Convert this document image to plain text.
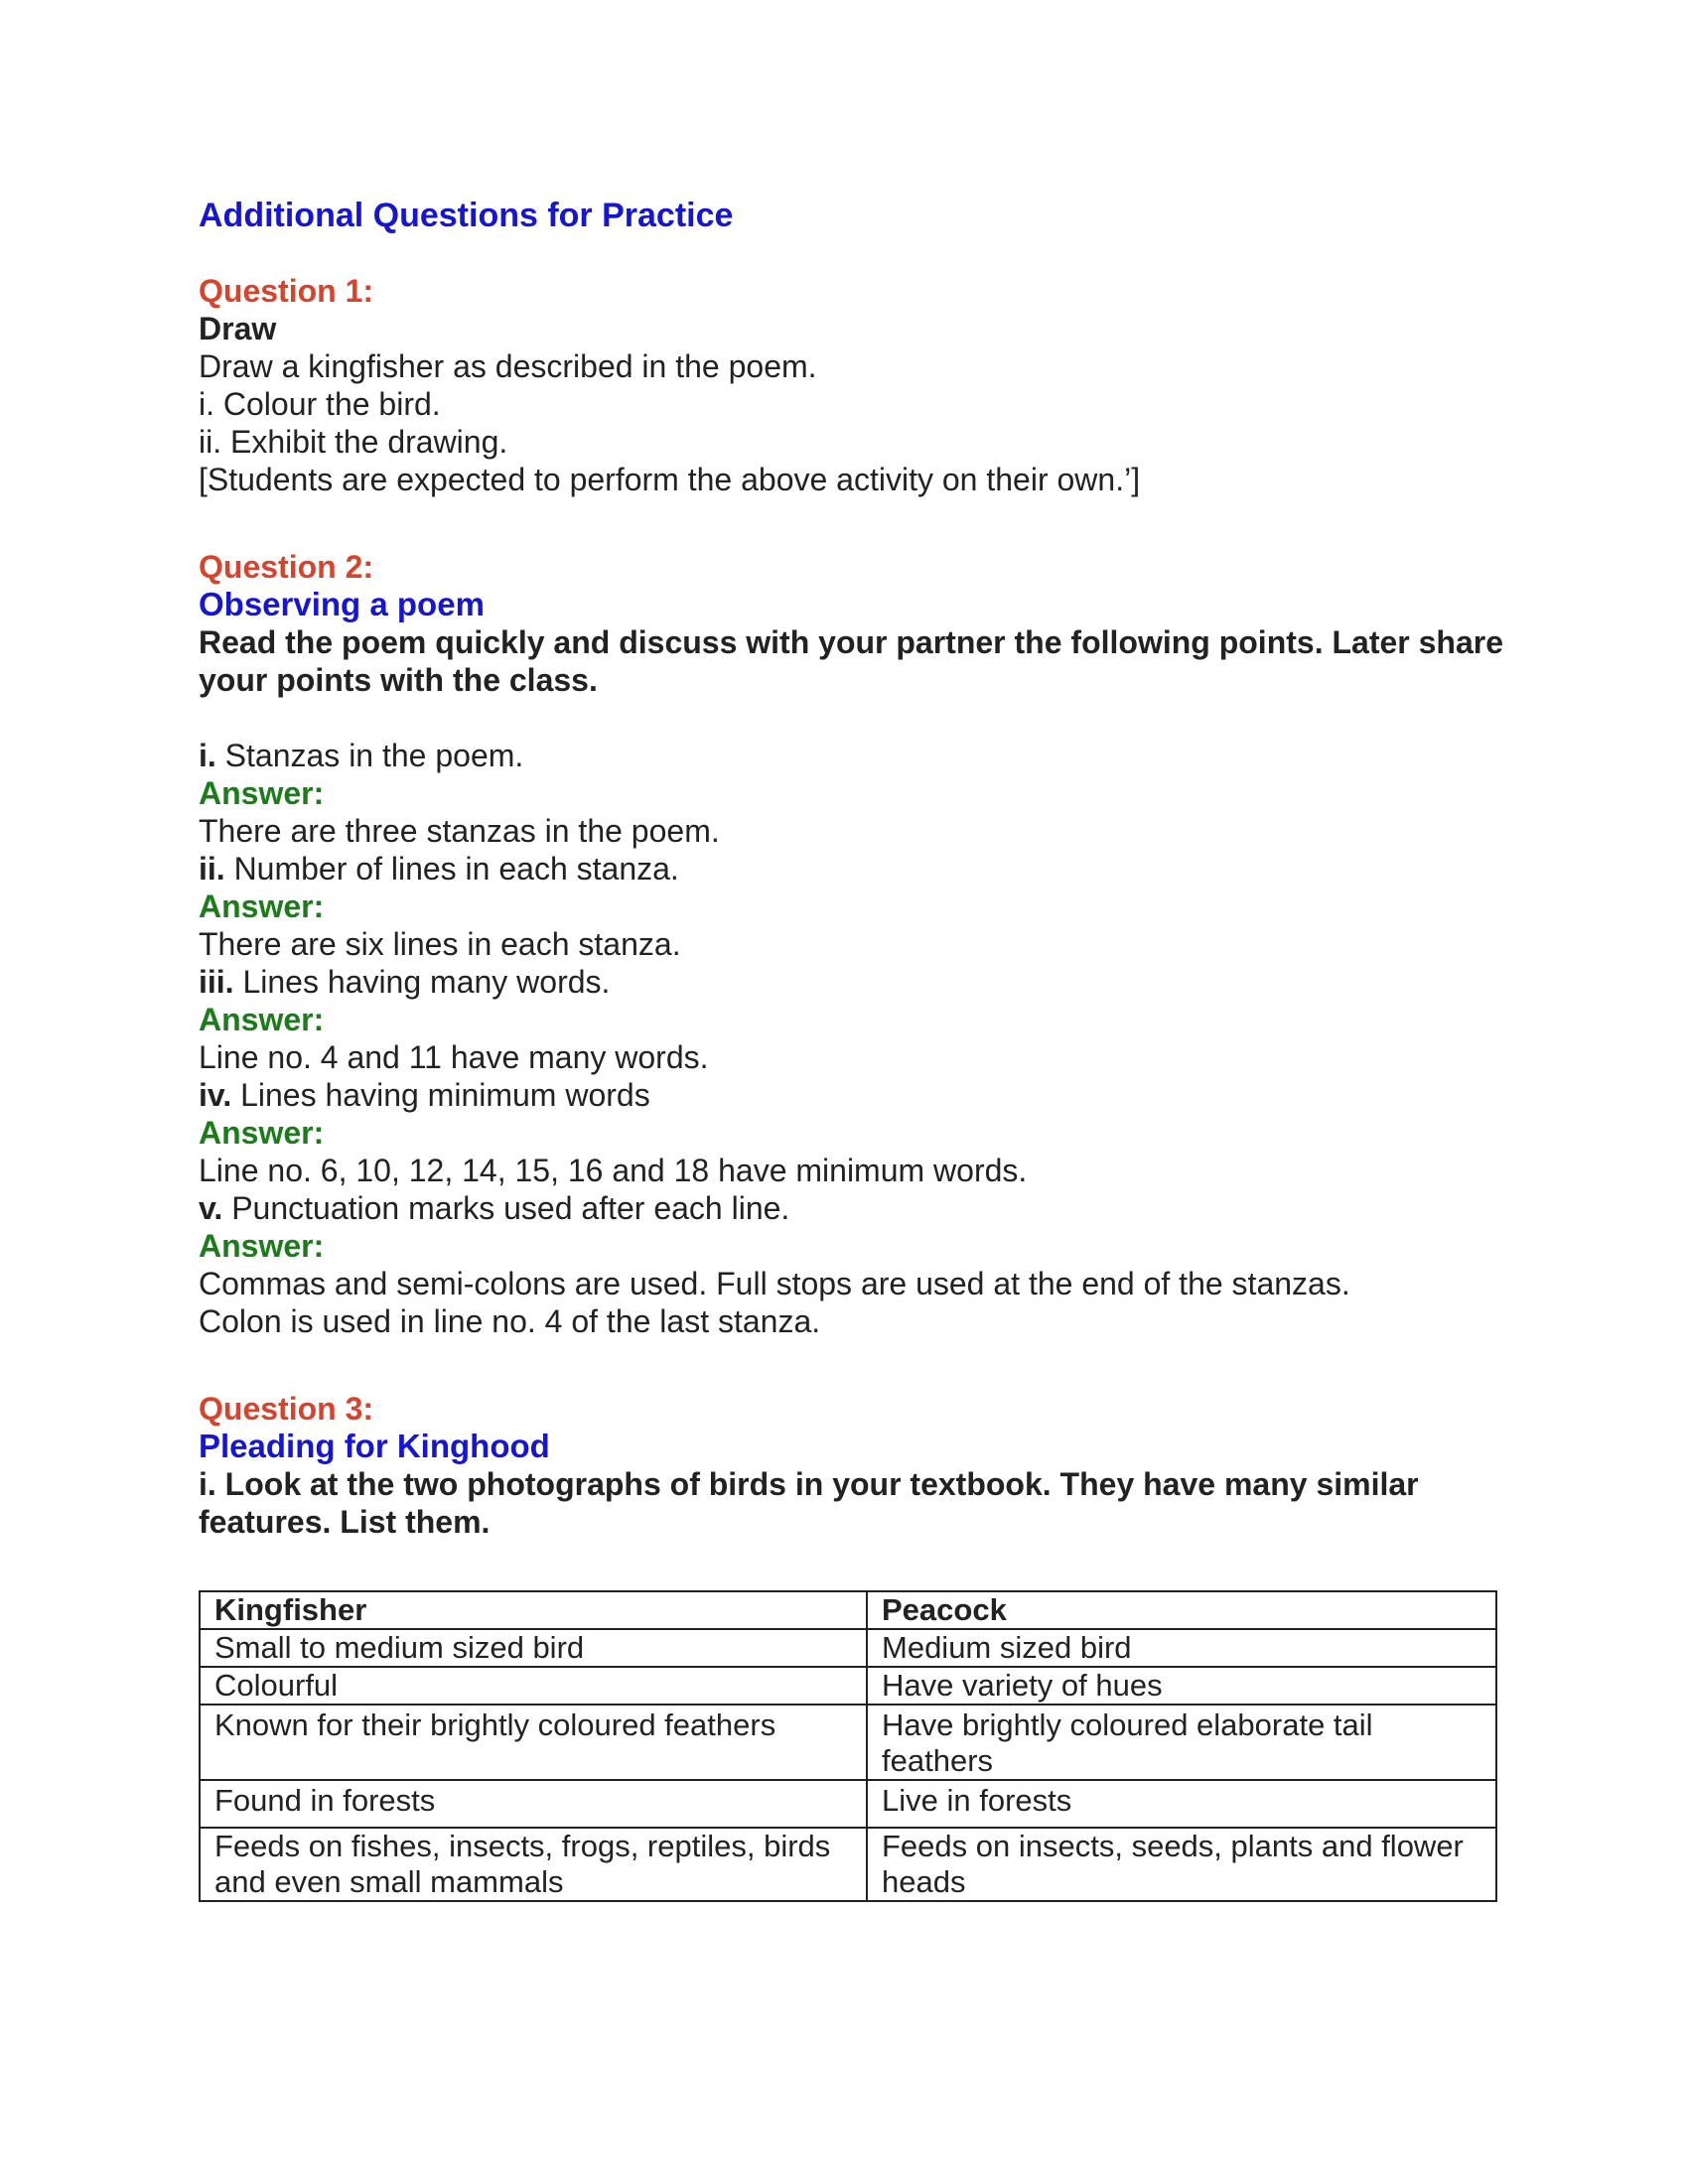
Additional Questions for Practice
Question 1:
Draw
Draw a kingfisher as described in the poem.
i. Colour the bird.
ii. Exhibit the drawing.
[Students are expected to perform the above activity on their own.’]
Question 2:
Observing a poem
Read the poem quickly and discuss with your partner the following points. Later share your points with the class.
i. Stanzas in the poem.
Answer:
There are three stanzas in the poem.
ii. Number of lines in each stanza.
Answer:
There are six lines in each stanza.
iii. Lines having many words.
Answer:
Line no. 4 and 11 have many words.
iv. Lines having minimum words
Answer:
Line no. 6, 10, 12, 14, 15, 16 and 18 have minimum words.
v. Punctuation marks used after each line.
Answer:
Commas and semi-colons are used. Full stops are used at the end of the stanzas.
Colon is used in line no. 4 of the last stanza.
Question 3:
Pleading for Kinghood
i. Look at the two photographs of birds in your textbook. They have many similar features. List them.
Kingfisher	Peacock
Small to medium sized bird	Medium sized bird
Colourful	Have variety of hues
Known for their brightly coloured feathers	Have brightly coloured elaborate tail feathers
Found in forests	Live in forests
Feeds on fishes, insects, frogs, reptiles, birds and even small mammals	Feeds on insects, seeds, plants and flower heads
